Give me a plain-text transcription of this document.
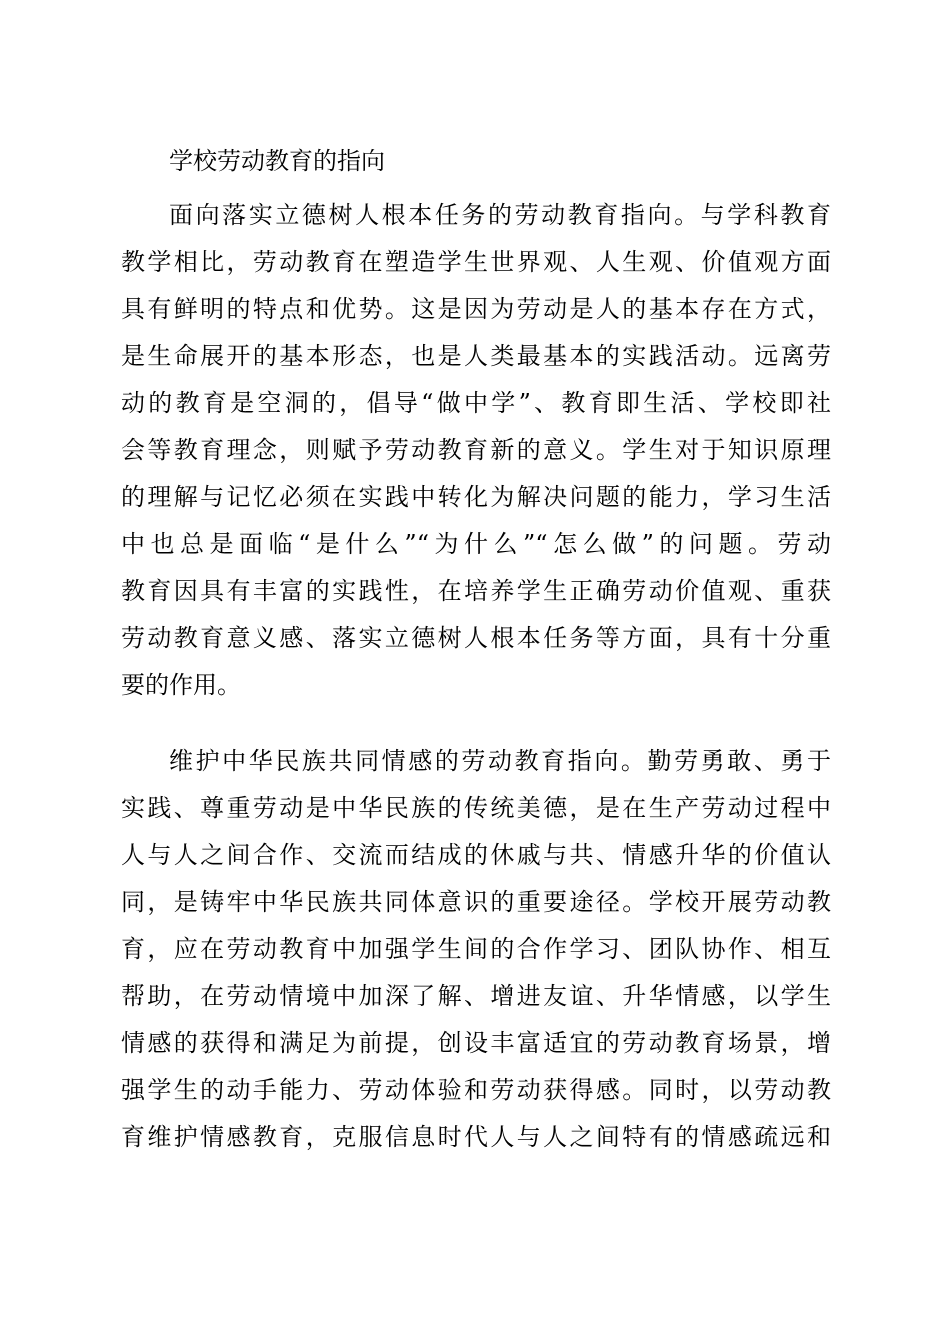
学校劳动教育的指向
面向落实立德树人根本任务的劳动教育指向。与学科教育
教学相比，劳动教育在塑造学生世界观、人生观、价值观方面
具有鲜明的特点和优势。这是因为劳动是人的基本存在方式，
是生命展开的基本形态，也是人类最基本的实践活动。远离劳
动的教育是空洞的，倡导“做中学”、教育即生活、学校即社
会等教育理念，则赋予劳动教育新的意义。学生对于知识原理
的理解与记忆必须在实践中转化为解决问题的能力，学习生活
中也总是面临“是什么”“为什么”“怎么做”的问题。劳动
教育因具有丰富的实践性，在培养学生正确劳动价值观、重获
劳动教育意义感、落实立德树人根本任务等方面，具有十分重
要的作用。
维护中华民族共同情感的劳动教育指向。勤劳勇敢、勇于
实践、尊重劳动是中华民族的传统美德，是在生产劳动过程中
人与人之间合作、交流而结成的休戚与共、情感升华的价值认
同，是铸牢中华民族共同体意识的重要途径。学校开展劳动教
育，应在劳动教育中加强学生间的合作学习、团队协作、相互
帮助，在劳动情境中加深了解、增进友谊、升华情感，以学生
情感的获得和满足为前提，创设丰富适宜的劳动教育场景，增
强学生的动手能力、劳动体验和劳动获得感。同时，以劳动教
育维护情感教育，克服信息时代人与人之间特有的情感疏远和
